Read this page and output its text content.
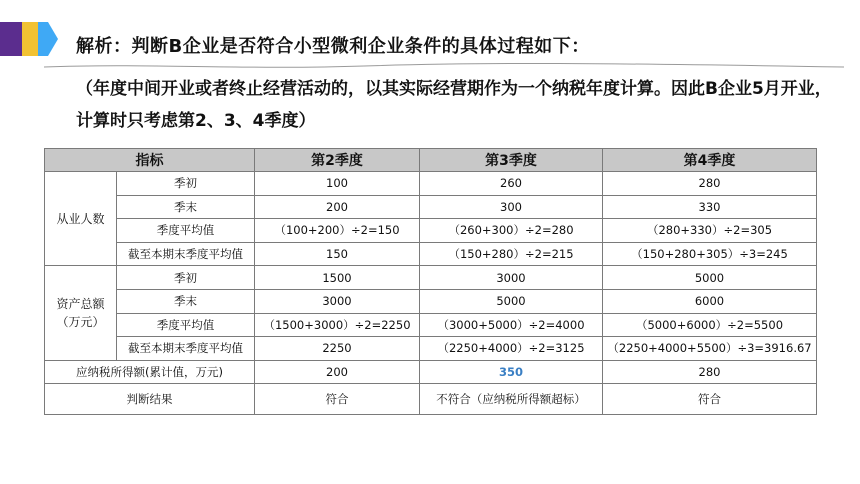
解析：判断B企业是否符合小型微利企业条件的具体过程如下：
（年度中间开业或者终止经营活动的，以其实际经营期作为一个纳税年度计算。因此B企业5月开业，计算时只考虑第2、3、4季度）
指标		第2季度	第3季度	第4季度
从业人数	季初	100	260	280
	季末	200	300	330
	季度平均值	（100+200）÷2=150	（260+300）÷2=280	（280+330）÷2=305
	截至本期末季度平均值	150	（150+280）÷2=215	（150+280+305）÷3=245
资产总额
（万元）	季初	1500	3000	5000
	季末	3000	5000	6000
	季度平均值	（1500+3000）÷2=2250	（3000+5000）÷2=4000	（5000+6000）÷2=5500
	截至本期末季度平均值	2250	（2250+4000）÷2=3125	（2250+4000+5500）÷3=3916.67
应纳税所得额(累计值，万元)		200	350	280
判断结果		符合	不符合（应纳税所得额超标）	符合
